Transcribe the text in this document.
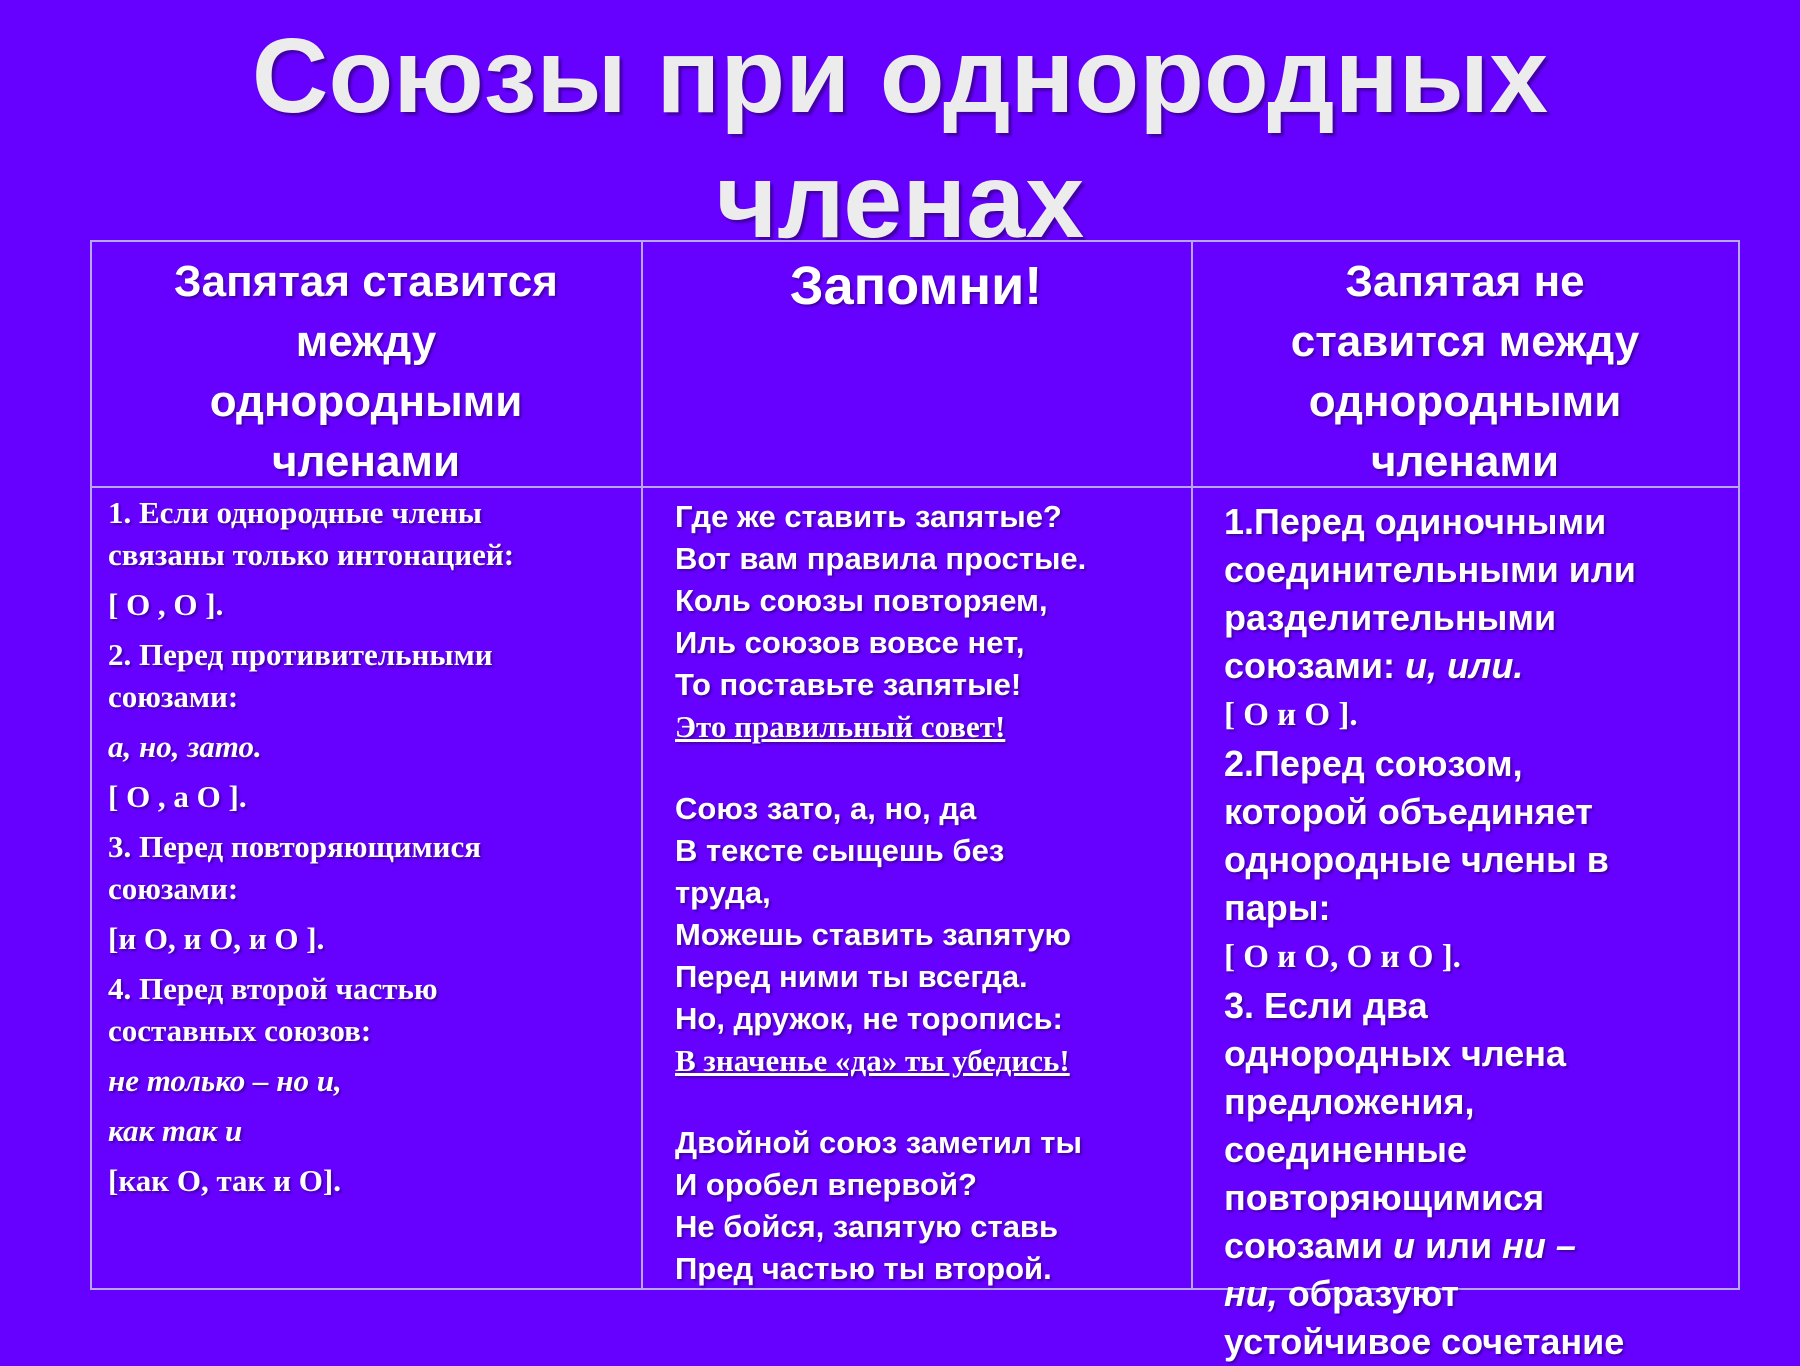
Союзы при однородных
членах
Запятая ставится
между
однородными
членами
Запомни!	Запятая не
ставится между
однородными
членами

1. Если однородные члены

связаны только интонацией:

[ О , О ].

2. Перед противительными

союзами:

а, но, зато.

[ О , а О ].

3. Перед повторяющимися

союзами:

[и О, и О, и О ].

4. Перед второй частью

составных союзов:

не только – но и,

как так и

[как О, так и О].

Где же ставить запятые?

Вот вам правила простые.

Коль союзы повторяем,

Иль союзов вовсе нет,

То поставьте запятые!

Это правильный совет!

Союз зато, а, но, да

В тексте сыщешь без

труда,

Можешь ставить запятую

Перед ними ты всегда.

Но, дружок, не торопись:

В значенье «да» ты убедись!

Двойной союз заметил ты

И оробел впервой?

Не бойся, запятую ставь

Пред частью ты второй.

1.Перед одиночными

соединительными или

разделительными

союзами: и, или.

[ О и О ].

2.Перед союзом,

которой объединяет

однородные члены в

пары:

[ О и О, О и О ].

3. Если два

однородных члена

предложения,

соединенные

повторяющимися

союзами и или ни –

ни, образуют

устойчивое сочетание
